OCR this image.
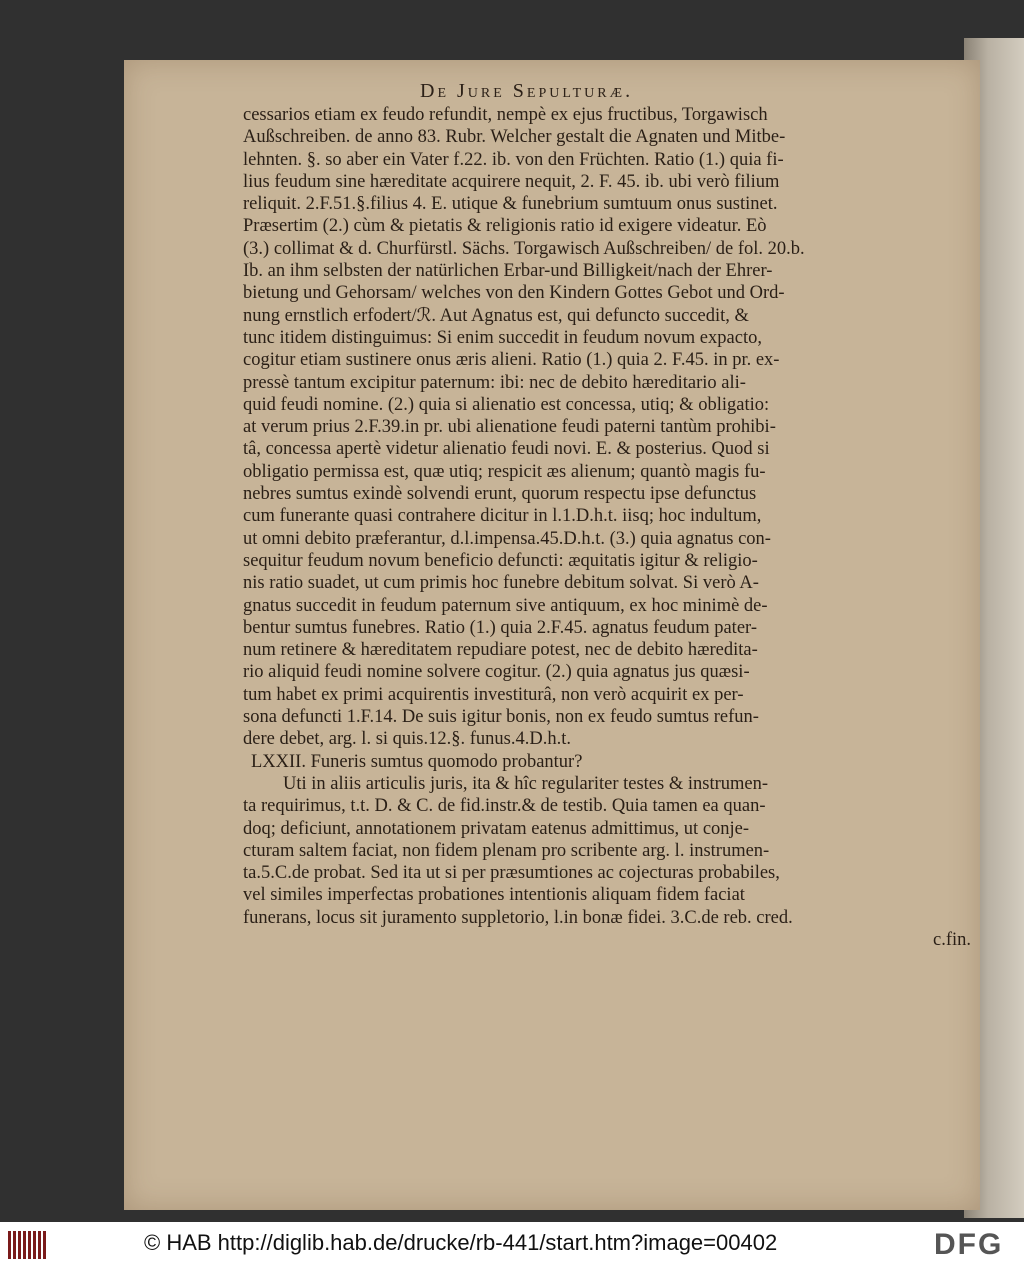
De Jure Sepulturæ.
cessarios etiam ex feudo refundit, nempè ex ejus fructibus, Torgawisch
Außschreiben. de anno 83. Rubr. Welcher gestalt die Agnaten und Mitbe-
lehnten. §. so aber ein Vater f.22. ib. von den Früchten. Ratio (1.) quia fi-
lius feudum sine hæreditate acquirere nequit, 2. F. 45. ib. ubi verò filium
reliquit. 2.F.51.§.filius 4. E. utique & funebrium sumtuum onus sustinet.
Præsertim (2.) cùm & pietatis & religionis ratio id exigere videatur. Eò
(3.) collimat & d. Churfürstl. Sächs. Torgawisch Außschreiben/ de fol. 20.b.
Ib. an ihm selbsten der natürlichen Erbar-und Billigkeit/nach der Ehrer-
bietung und Gehorsam/ welches von den Kindern Gottes Gebot und Ord-
nung ernstlich erfodert/ℛ. Aut Agnatus est, qui defuncto succedit, &
tunc itidem distinguimus: Si enim succedit in feudum novum expacto,
cogitur etiam sustinere onus æris alieni. Ratio (1.) quia 2. F.45. in pr. ex-
pressè tantum excipitur paternum: ibi: nec de debito hæreditario ali-
quid feudi nomine. (2.) quia si alienatio est concessa, utiq; & obligatio:
at verum prius 2.F.39.in pr. ubi alienatione feudi paterni tantùm prohibi-
tâ, concessa apertè videtur alienatio feudi novi. E. & posterius. Quod si
obligatio permissa est, quæ utiq; respicit æs alienum; quantò magis fu-
nebres sumtus exindè solvendi erunt, quorum respectu ipse defunctus
cum funerante quasi contrahere dicitur in l.1.D.h.t. iisq; hoc indultum,
ut omni debito præferantur, d.l.impensa.45.D.h.t. (3.) quia agnatus con-
sequitur feudum novum beneficio defuncti: æquitatis igitur & religio-
nis ratio suadet, ut cum primis hoc funebre debitum solvat. Si verò A-
gnatus succedit in feudum paternum sive antiquum, ex hoc minimè de-
bentur sumtus funebres. Ratio (1.) quia 2.F.45. agnatus feudum pater-
num retinere & hæreditatem repudiare potest, nec de debito hæredita-
rio aliquid feudi nomine solvere cogitur. (2.) quia agnatus jus quæsi-
tum habet ex primi acquirentis investiturâ, non verò acquirit ex per-
sona defuncti 1.F.14. De suis igitur bonis, non ex feudo sumtus refun-
dere debet, arg. l. si quis.12.§. funus.4.D.h.t.
LXXII. Funeris sumtus quomodo probantur?
Uti in aliis articulis juris, ita & hîc regulariter testes & instrumen-
ta requirimus, t.t. D. & C. de fid.instr.& de testib. Quia tamen ea quan-
doq; deficiunt, annotationem privatam eatenus admittimus, ut conje-
cturam saltem faciat, non fidem plenam pro scribente arg. l. instrumen-
ta.5.C.de probat. Sed ita ut si per præsumtiones ac cojecturas probabiles,
vel similes imperfectas probationes intentionis aliquam fidem faciat
funerans, locus sit juramento suppletorio, l.in bonæ fidei. 3.C.de reb. cred.
c.fin.
© HAB http://diglib.hab.de/drucke/rb-441/start.htm?image=00402	DFG
